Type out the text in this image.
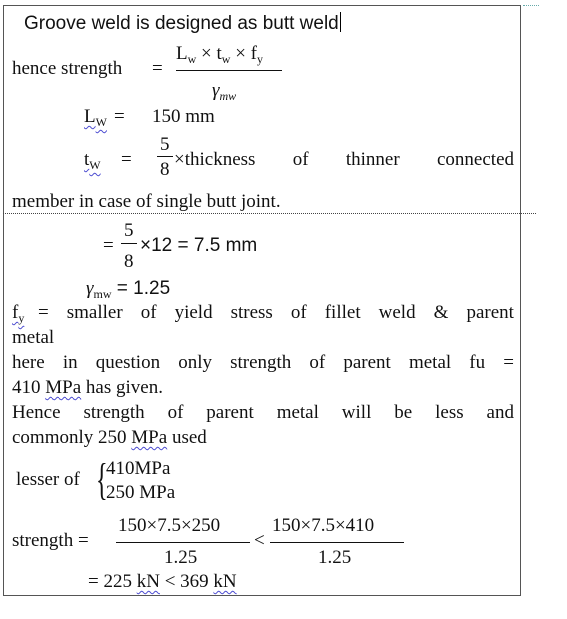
Groove weld is designed as butt weld
hence strength =
$L_w \times t_w \times f_y$
$\gamma_{mw}$
$L_W = 150$ mm
$t_W$ =
5
8 ×thickness of thinner connected
member in case of single butt joint.
=
5
8
×12 = 7.5 mm
$\gamma_{mw} = 1.25$
$f_y$ = smaller of yield stress of fillet weld & parent
metal
here in question only strength of parent metal fu =
410 MPa has given.
Hence strength of parent metal will be less and
commonly 250 MPa used
lesser of {
410MPa
250 MPa
strength =
150×7.5×250
1.25
<
150×7.5×410
1.25
= 225 kN < 369 kN
